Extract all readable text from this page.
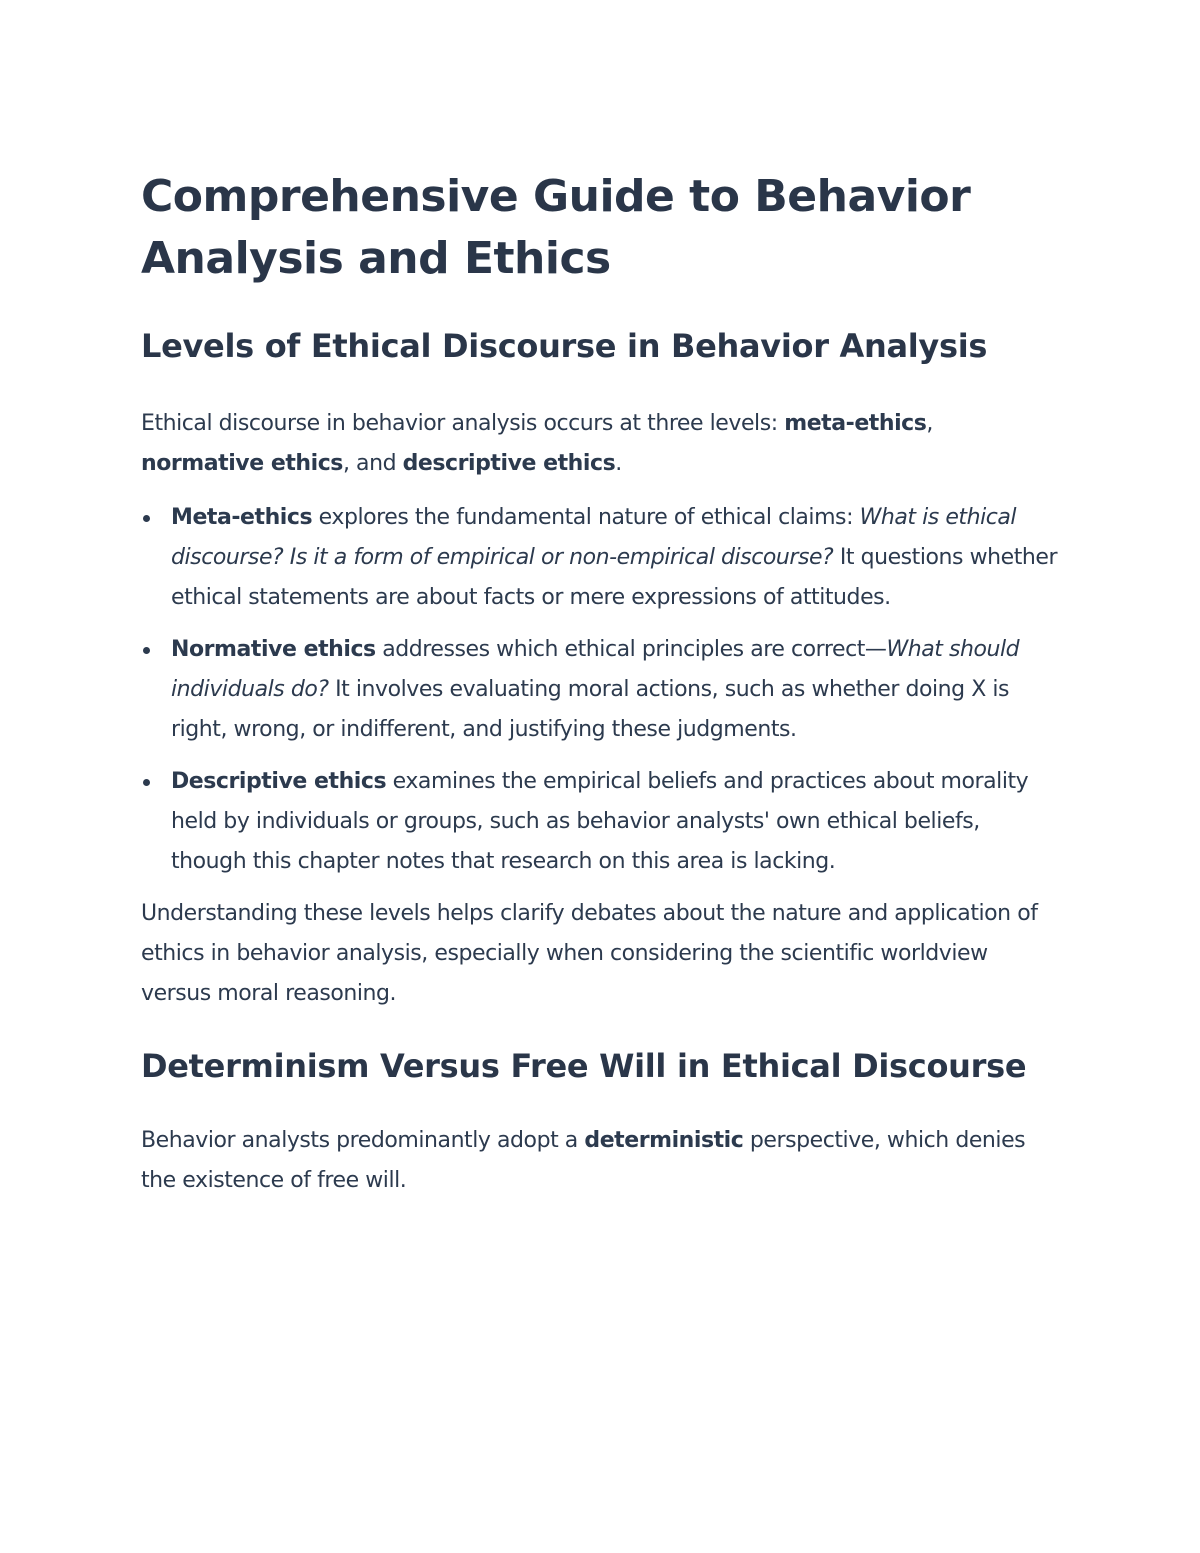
Comprehensive Guide to Behavior Analysis and Ethics
Levels of Ethical Discourse in Behavior Analysis

Ethical discourse in behavior analysis occurs at three levels: meta-ethics, normative ethics, and descriptive ethics.

Meta-ethics explores the fundamental nature of ethical claims: What is ethical discourse? Is it a form of empirical or non-empirical discourse? It questions whether ethical statements are about facts or mere expressions of attitudes.
Normative ethics addresses which ethical principles are correct—What should individuals do? It involves evaluating moral actions, such as whether doing X is right, wrong, or indifferent, and justifying these judgments.
Descriptive ethics examines the empirical beliefs and practices about morality held by individuals or groups, such as behavior analysts' own ethical beliefs, though this chapter notes that research on this area is lacking.

Understanding these levels helps clarify debates about the nature and application of ethics in behavior analysis, especially when considering the scientific worldview versus moral reasoning.

Determinism Versus Free Will in Ethical Discourse

Behavior analysts predominantly adopt a deterministic perspective, which denies the existence of free will.
